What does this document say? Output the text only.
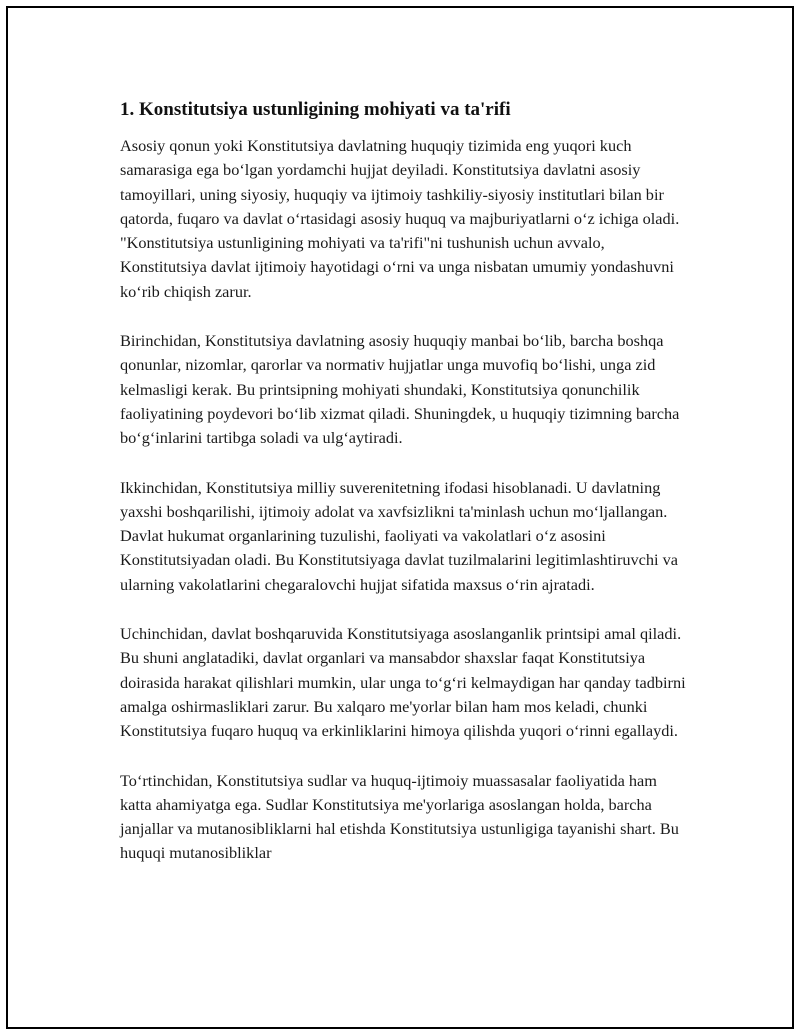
1. Konstitutsiya ustunligining mohiyati va ta'rifi

Asosiy qonun yoki Konstitutsiya davlatning huquqiy tizimida eng yuqori kuch samarasiga ega bo‘lgan yordamchi hujjat deyiladi. Konstitutsiya davlatni asosiy tamoyillari, uning siyosiy, huquqiy va ijtimoiy tashkiliy-siyosiy institutlari bilan bir qatorda, fuqaro va davlat o‘rtasidagi asosiy huquq va majburiyatlarni o‘z ichiga oladi. "Konstitutsiya ustunligining mohiyati va ta'rifi"ni tushunish uchun avvalo, Konstitutsiya davlat ijtimoiy hayotidagi o‘rni va unga nisbatan umumiy yondashuvni ko‘rib chiqish zarur.

Birinchidan, Konstitutsiya davlatning asosiy huquqiy manbai bo‘lib, barcha boshqa qonunlar, nizomlar, qarorlar va normativ hujjatlar unga muvofiq bo‘lishi, unga zid kelmasligi kerak. Bu printsipning mohiyati shundaki, Konstitutsiya qonunchilik faoliyatining poydevori bo‘lib xizmat qiladi. Shuningdek, u huquqiy tizimning barcha bo‘g‘inlarini tartibga soladi va ulg‘aytiradi.

Ikkinchidan, Konstitutsiya milliy suverenitetning ifodasi hisoblanadi. U davlatning yaxshi boshqarilishi, ijtimoiy adolat va xavfsizlikni ta'minlash uchun mo‘ljallangan. Davlat hukumat organlarining tuzulishi, faoliyati va vakolatlari o‘z asosini Konstitutsiyadan oladi. Bu Konstitutsiyaga davlat tuzilmalarini legitimlashtiruvchi va ularning vakolatlarini chegaralovchi hujjat sifatida maxsus o‘rin ajratadi.

Uchinchidan, davlat boshqaruvida Konstitutsiyaga asoslanganlik printsipi amal qiladi. Bu shuni anglatadiki, davlat organlari va mansabdor shaxslar faqat Konstitutsiya doirasida harakat qilishlari mumkin, ular unga to‘g‘ri kelmaydigan har qanday tadbirni amalga oshirmasliklari zarur. Bu xalqaro me'yorlar bilan ham mos keladi, chunki Konstitutsiya fuqaro huquq va erkinliklarini himoya qilishda yuqori o‘rinni egallaydi.

To‘rtinchidan, Konstitutsiya sudlar va huquq-ijtimoiy muassasalar faoliyatida ham katta ahamiyatga ega. Sudlar Konstitutsiya me'yorlariga asoslangan holda, barcha janjallar va mutanosibliklarni hal etishda Konstitutsiya ustunligiga tayanishi shart. Bu huquqi mutanosibliklar
